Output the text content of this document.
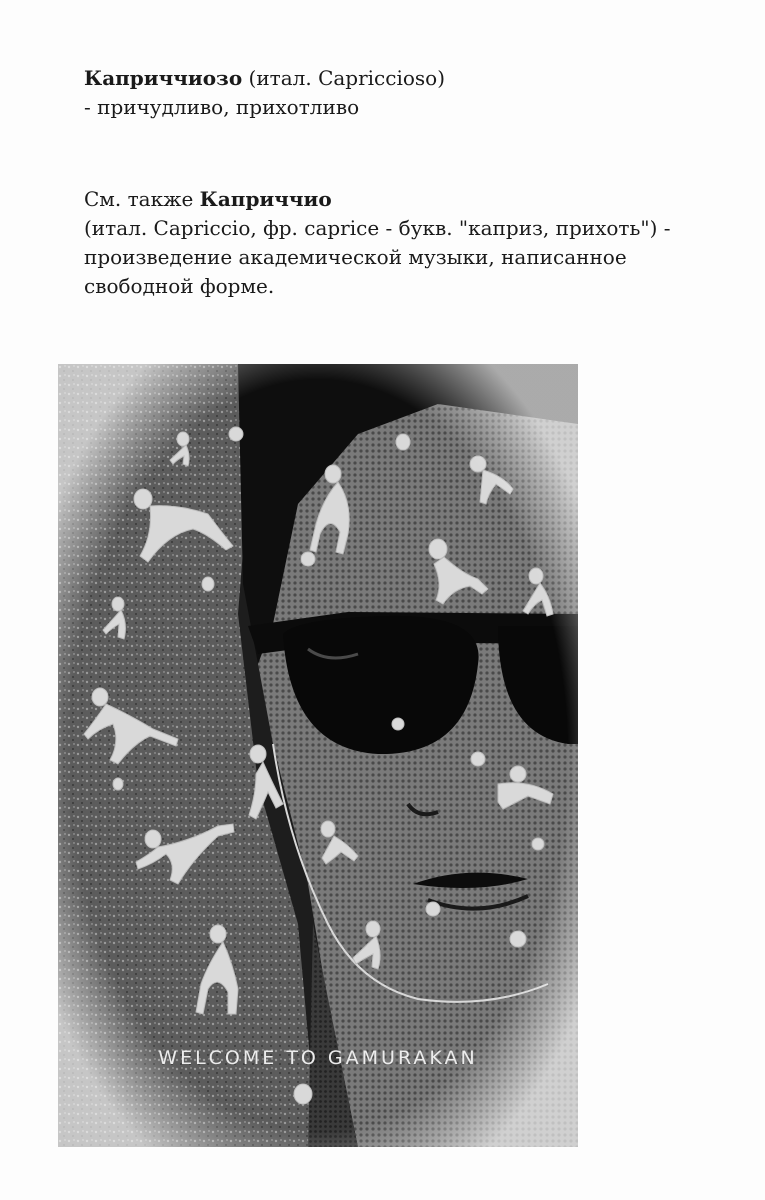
Каприччиозо (итал. Capriccioso)
- причудливо, прихотливо
См. также Каприччио
(итал. Capriccio, фр. caprice - букв. "каприз, прихоть") -
произведение академической музыки, написанное
свободной форме.
WELCOME TO GAMURAKAN
